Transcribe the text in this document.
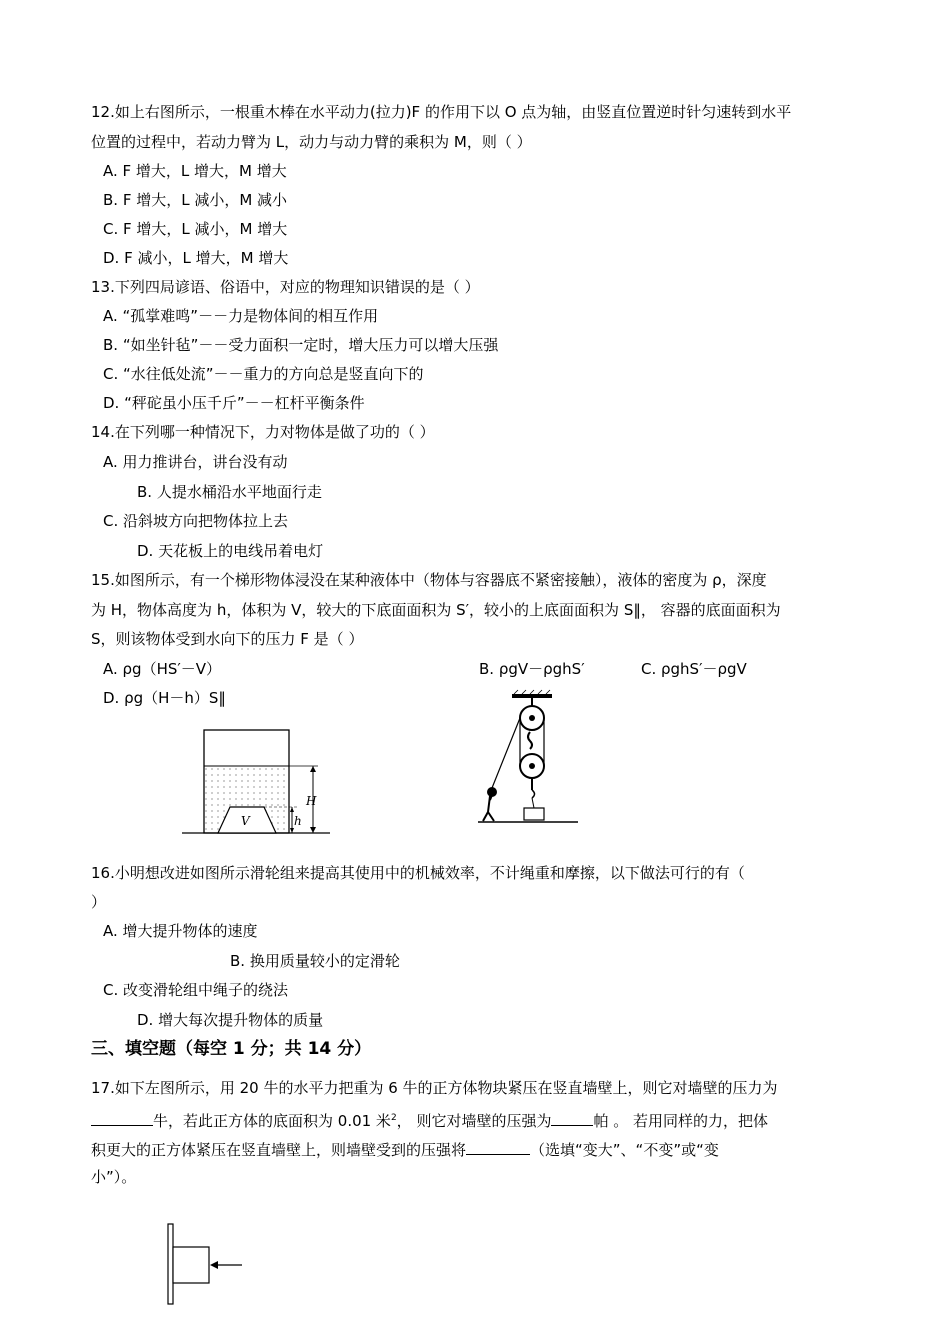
12.如上右图所示，一根重木棒在水平动力(拉力)F 的作用下以 O 点为轴，由竖直位置逆时针匀速转到水平
位置的过程中，若动力臂为 L，动力与动力臂的乘积为 M，则（ ）
A. F 增大，L 增大，M 增大
B. F 增大，L 减小，M 减小
C. F 增大，L 减小，M 增大
D. F 减小，L 增大，M 增大
13.下列四局谚语、俗语中，对应的物理知识错误的是（ ）
A. “孤掌难鸣”－－力是物体间的相互作用
B. “如坐针毡”－－受力面积一定时，增大压力可以增大压强
C. “水往低处流”－－重力的方向总是竖直向下的
D. “秤砣虽小压千斤”－－杠杆平衡条件
14.在下列哪一种情况下，力对物体是做了功的（ ）
A. 用力推讲台，讲台没有动
B. 人提水桶沿水平地面行走
C. 沿斜坡方向把物体拉上去
D. 天花板上的电线吊着电灯
15.如图所示，有一个梯形物体浸没在某种液体中（物体与容器底不紧密接触），液体的密度为 ρ，深度
为 H，物体高度为 h，体积为 V，较大的下底面面积为 S′，较小的上底面面积为 S‖， 容器的底面面积为
S，则该物体受到水向下的压力 F 是（ ）
A. ρg（HS′－V）	B. ρgV－ρghS′	C. ρghS′－ρgV
D. ρg（H－h）S‖
V
H
h
16.小明想改进如图所示滑轮组来提高其使用中的机械效率，不计绳重和摩擦，以下做法可行的有（
）
A. 增大提升物体的速度
B. 换用质量较小的定滑轮
C. 改变滑轮组中绳子的绕法
D. 增大每次提升物体的质量
三、填空题（每空 1 分；共 14 分）
17.如下左图所示，用 20 牛的水平力把重为 6 牛的正方体物块紧压在竖直墙壁上，则它对墙壁的压力为
牛，若此正方体的底面积为 0.01 米$^2$， 则它对墙壁的压强为	帕 。 若用同样的力，把体
积更大的正方体紧压在竖直墙壁上，则墙壁受到的压强将	（选填“变大”、“不变”或“变
小”）。
